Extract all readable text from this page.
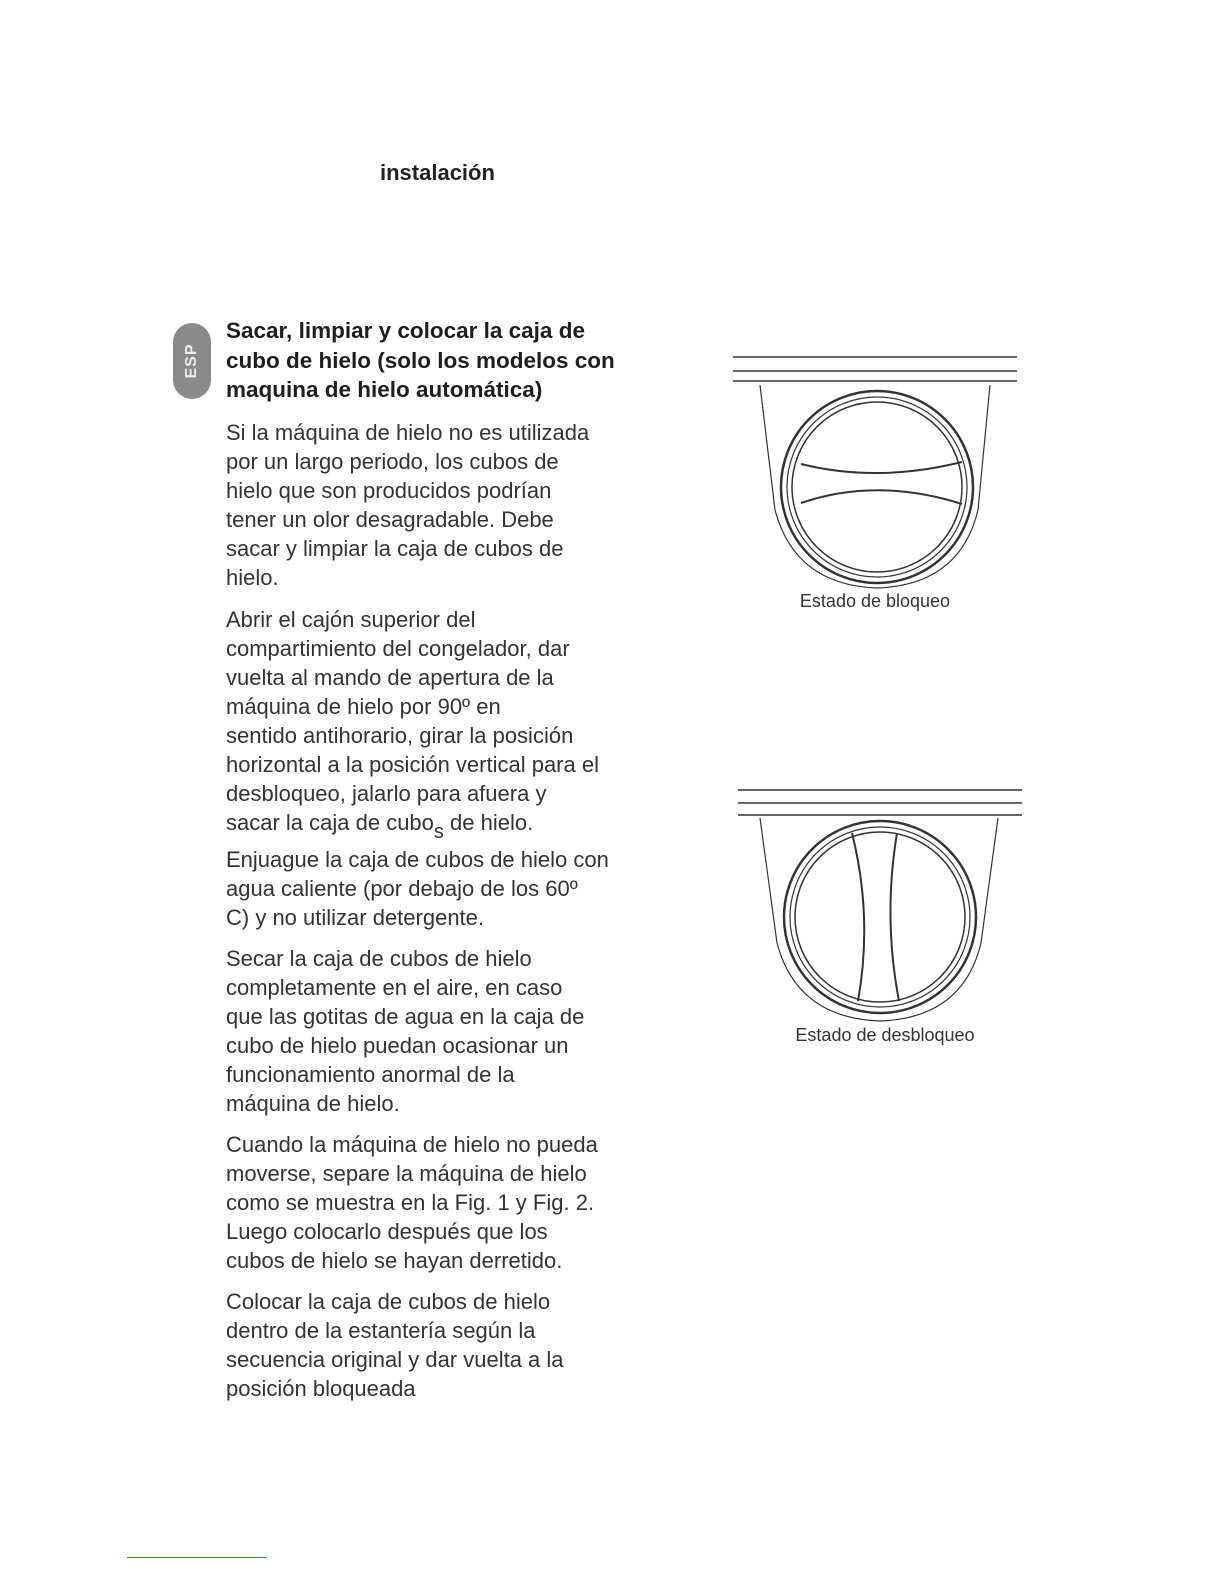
instalación
ESP
Sacar, limpiar y colocar la caja de
cubo de hielo (solo los modelos con
maquina de hielo automática)
Si la máquina de hielo no es utilizada
por un largo periodo, los cubos de
hielo que son producidos podrían
tener un olor desagradable. Debe
sacar y limpiar la caja de cubos de
hielo.
Abrir el cajón superior del
compartimiento del congelador, dar
vuelta al mando de apertura de la
máquina de hielo por 90º en
sentido antihorario, girar la posición
horizontal a la posición vertical para el
desbloqueo, jalarlo para afuera y
sacar la caja de cubo$_s$ de hielo.
Enjuague la caja de cubos de hielo con
agua caliente (por debajo de los 60º
C) y no utilizar detergente.
Secar la caja de cubos de hielo
completamente en el aire, en caso
que las gotitas de agua en la caja de
cubo de hielo puedan ocasionar un
funcionamiento anormal de la
máquina de hielo.
Cuando la máquina de hielo no pueda
moverse, separe la máquina de hielo
como se muestra en la Fig. 1 y Fig. 2.
Luego colocarlo después que los
cubos de hielo se hayan derretido.
Colocar la caja de cubos de hielo
dentro de la estantería según la
secuencia original y dar vuelta a la
posición bloqueada
Estado de bloqueo
Estado de desbloqueo
